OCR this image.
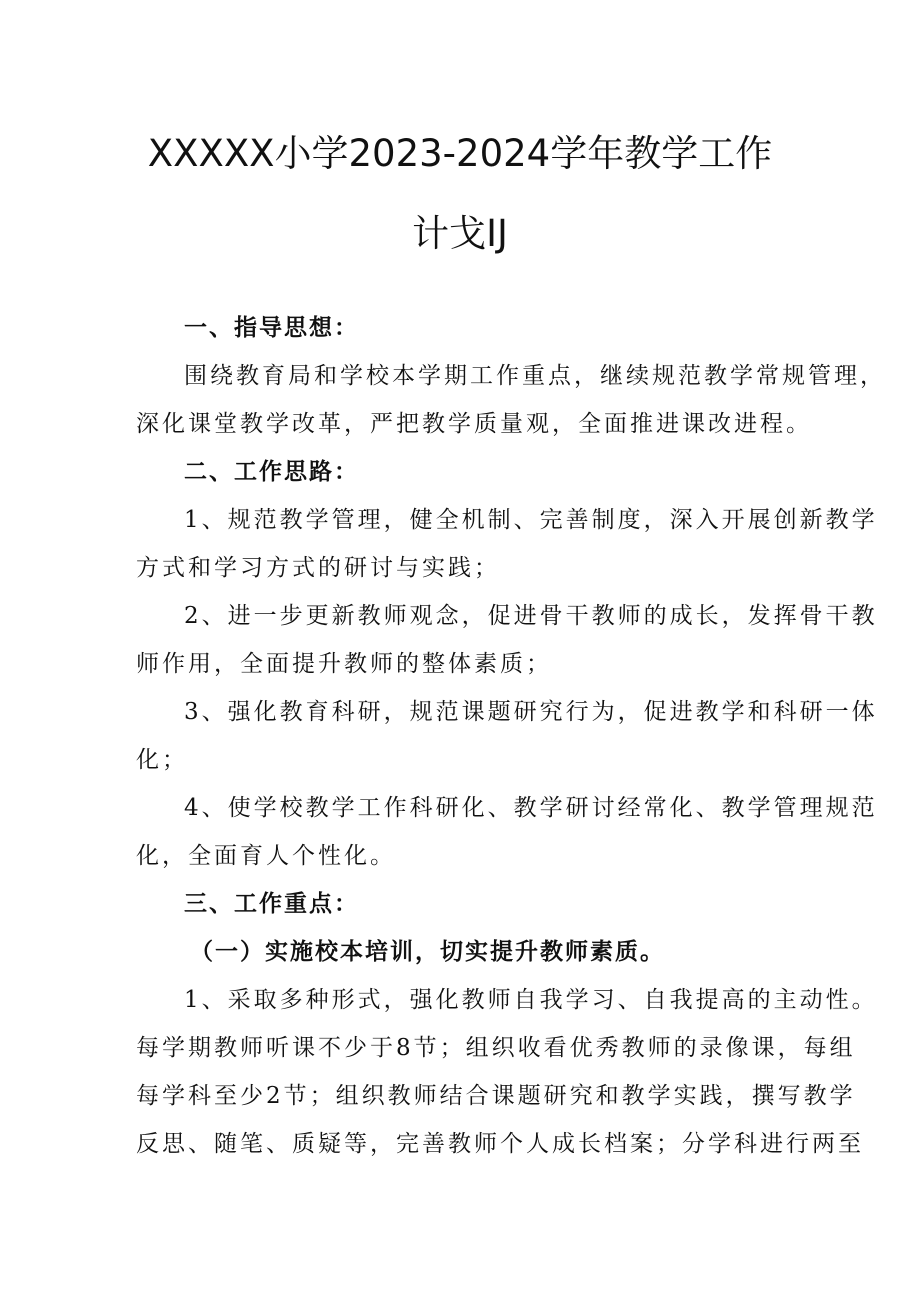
XXXXX小学2023-2024学年教学工作
计戈IJ
一、指导思想：
围绕教育局和学校本学期工作重点，继续规范教学常规管理，
深化课堂教学改革，严把教学质量观，全面推进课改进程。
二、工作思路：
1、规范教学管理，健全机制、完善制度，深入开展创新教学
方式和学习方式的研讨与实践；
2、进一步更新教师观念，促进骨干教师的成长，发挥骨干教
师作用，全面提升教师的整体素质；
3、强化教育科研，规范课题研究行为，促进教学和科研一体
化；
4、使学校教学工作科研化、教学研讨经常化、教学管理规范
化，全面育人个性化。
三、工作重点：
（一）实施校本培训，切实提升教师素质。
1、采取多种形式，强化教师自我学习、自我提高的主动性。
每学期教师听课不少于8节；组织收看优秀教师的录像课，每组
每学科至少2节；组织教师结合课题研究和教学实践，撰写教学
反思、随笔、质疑等，完善教师个人成长档案；分学科进行两至
